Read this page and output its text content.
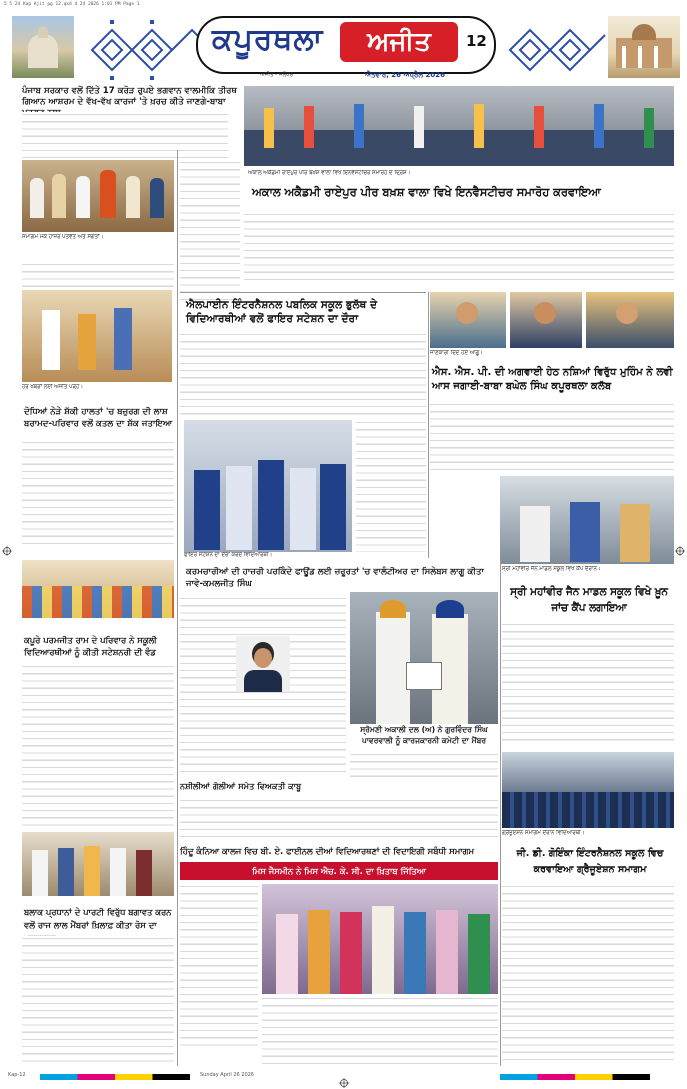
5 5 24 Kap Ajit pg 12.qxd 4 24 2026 1:01 PM Page 1
ਕਪੂਰਥਲਾ ਅਜੀਤ 12
ਅਜੀਤ - ਜਲੰਧਰ	ਐਤਵਾਰ, 26 ਅਪ੍ਰੈਲ 2026
ਪੰਜਾਬ ਸਰਕਾਰ ਵਲੋਂ ਦਿੱਤੇ 17 ਕਰੋੜ ਰੁਪਏ ਭਗਵਾਨ ਵਾਲਮੀਕਿ ਤੀਰਥ ਗਿਆਨ ਆਸ਼ਰਮ ਦੇ ਵੱਖ-ਵੱਖ ਕਾਰਜਾਂ 'ਤੇ ਖ਼ਰਚ ਕੀਤੇ ਜਾਣਗੇ-ਬਾਬਾ
ਸਮਾਗਮ ਮੌਕੇ ਹਾਜ਼ਰ ਪਤਵੰਤੇ ਅਤੇ ਸੰਗਤਾਂ।
ਅਕਾਲ ਅਕੈਡਮੀ ਰਾਏਪੁਰ ਪੀਰ ਬਖ਼ਸ਼ ਵਾਲਾ ਵਿਖੇ ਇਨਵੈਸਟੀਚਰ ਸਮਾਰੋਹ ਦੇ ਦ੍ਰਿਸ਼।
ਅਕਾਲ ਅਕੈਡਮੀ ਰਾਏਪੁਰ ਪੀਰ ਬਖ਼ਸ਼ ਵਾਲਾ ਵਿਖੇ ਇਨਵੈਸਟੀਚਰ ਸਮਾਰੋਹ ਕਰਵਾਇਆ
ਐਲਪਾਈਨ ਇੰਟਰਨੈਸ਼ਨਲ ਪਬਲਿਕ ਸਕੂਲ ਭੁਲੱਥ ਦੇ ਵਿਦਿਆਰਥੀਆਂ ਵਲੋਂ ਫਾਇਰ ਸਟੇਸ਼ਨ ਦਾ ਦੌਰਾ
ਫਾਇਰ ਸਟੇਸ਼ਨ ਦਾ ਦੌਰਾ ਕਰਦੇ ਵਿਦਿਆਰਥੀ।
ਹੋਰ ਖ਼ਬਰਾਂ ਲਈ ਅਜੀਤ ਪੜ੍ਹੋ।
ਦੋਧਿਆਂ ਨੇੜੇ ਸ਼ੱਕੀ ਹਾਲਤਾਂ 'ਚ ਬਜ਼ੁਰਗ ਦੀ ਲਾਸ਼ ਬਰਾਮਦ-ਪਰਿਵਾਰ ਵਲੋਂ ਕਤਲ ਦਾ ਸ਼ੱਕ ਜਤਾਇਆ
ਜਾਣਕਾਰੀ ਦਿੰਦੇ ਹੋਏ ਆਗੂ।
ਐਸ. ਐਸ. ਪੀ. ਦੀ ਅਗਵਾਈ ਹੇਠ ਨਸ਼ਿਆਂ ਵਿਰੁੱਧ ਮੁਹਿੰਮ ਨੇ ਲਵੀ ਆਸ ਜਗਾਈ-ਬਾਬਾ ਬਘੇਲ ਸਿੰਘ ਕਪੂਰਥਲਾ ਕਲੱਬ
ਕਰਮਚਾਰੀਆਂ ਦੀ ਹਾਜ਼ਰੀ ਪਰਕਿੰਦੇ ਫਾਊਂਡ ਲਈ ਜ਼ਰੂਰਤਾਂ 'ਚ ਵਾਲੰਟੀਅਰ ਦਾ ਸਿਲੇਬਸ ਲਾਗੂ ਕੀਤਾ ਜਾਵੇ-ਕਮਲਜੀਤ ਸਿੰਘ
ਸ੍ਰੋਮਣੀ ਅਕਾਲੀ ਦਲ (ਅ) ਨੇ ਗੁਰਵਿੰਦਰ ਸਿੰਘ ਪਾਵਰਵਾਲੀ ਨੂੰ ਕਾਰਜਕਾਰਨੀ ਕਮੇਟੀ ਦਾ ਮੈਂਬਰ
ਸ੍ਰੀ ਮਹਾਂਵੀਰ ਜੈਨ ਮਾਡਲ ਸਕੂਲ ਵਿਖੇ ਕੈਂਪ ਦੌਰਾਨ।
ਸ੍ਰੀ ਮਹਾਂਵੀਰ ਜੈਨ ਮਾਡਲ ਸਕੂਲ ਵਿਖੇ ਖ਼ੂਨ ਜਾਂਚ ਕੈਂਪ ਲਗਾਇਆ
ਗ੍ਰੈਜੂਏਸ਼ਨ ਸਮਾਗਮ ਦੌਰਾਨ ਵਿਦਿਆਰਥੀ।
ਕਪੂਰੇ ਪਰਮਜੀਤ ਰਾਮ ਦੇ ਪਰਿਵਾਰ ਨੇ ਸਕੂਲੀ ਵਿਦਿਆਰਥੀਆਂ ਨੂੰ ਕੀਤੀ ਸਟੇਸ਼ਨਰੀ ਦੀ ਵੰਡ
ਨਸ਼ੀਲੀਆਂ ਗੋਲੀਆਂ ਸਮੇਤ ਵਿਅਕਤੀ ਕਾਬੂ
ਹਿੰਦੂ ਕੰਨਿਆ ਕਾਲਜ ਵਿਚ ਬੀ. ਏ. ਫਾਈਨਲ ਦੀਆਂ ਵਿਦਿਆਰਥਣਾਂ ਦੀ ਵਿਦਾਇਗੀ ਸਬੰਧੀ ਸਮਾਗਮ
ਮਿਸ ਜੈਸਮੀਨ ਨੇ ਮਿਸ ਐਚ. ਕੇ. ਸੀ. ਦਾ ਖ਼ਿਤਾਬ ਜਿੱਤਿਆ
ਜੀ. ਡੀ. ਗੋਇੰਕਾ ਇੰਟਰਨੈਸ਼ਨਲ ਸਕੂਲ ਵਿਚ ਕਰਵਾਇਆ ਗ੍ਰੈਜੂਏਸ਼ਨ ਸਮਾਗਮ
ਬਲਾਕ ਪ੍ਰਧਾਨਾਂ ਦੇ ਪਾਰਟੀ ਵਿਰੁੱਧ ਬਗਾਵਤ ਕਰਨ ਵਲੋਂ ਰਾਜ ਲਾਲ ਮੈਂਬਰਾਂ ਖ਼ਿਲਾਫ਼ ਕੀਤਾ ਰੋਸ ਦਾ
Kap-12	Sunday April 26 2026
